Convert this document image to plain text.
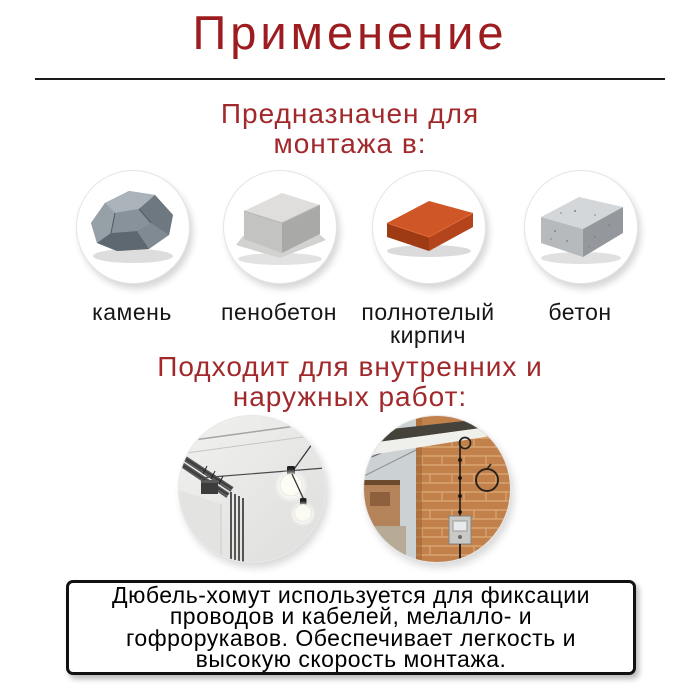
Применение
Предназначен для
монтажа в:
камень	пенобетон	полнотелый
кирпич
бетон
Подходит для внутренних и
наружных работ:
Дюбель-хомут используется для фиксации
проводов и кабелей, мелалло- и
гофрорукавов. Обеспечивает легкость и
высокую скорость монтажа.
